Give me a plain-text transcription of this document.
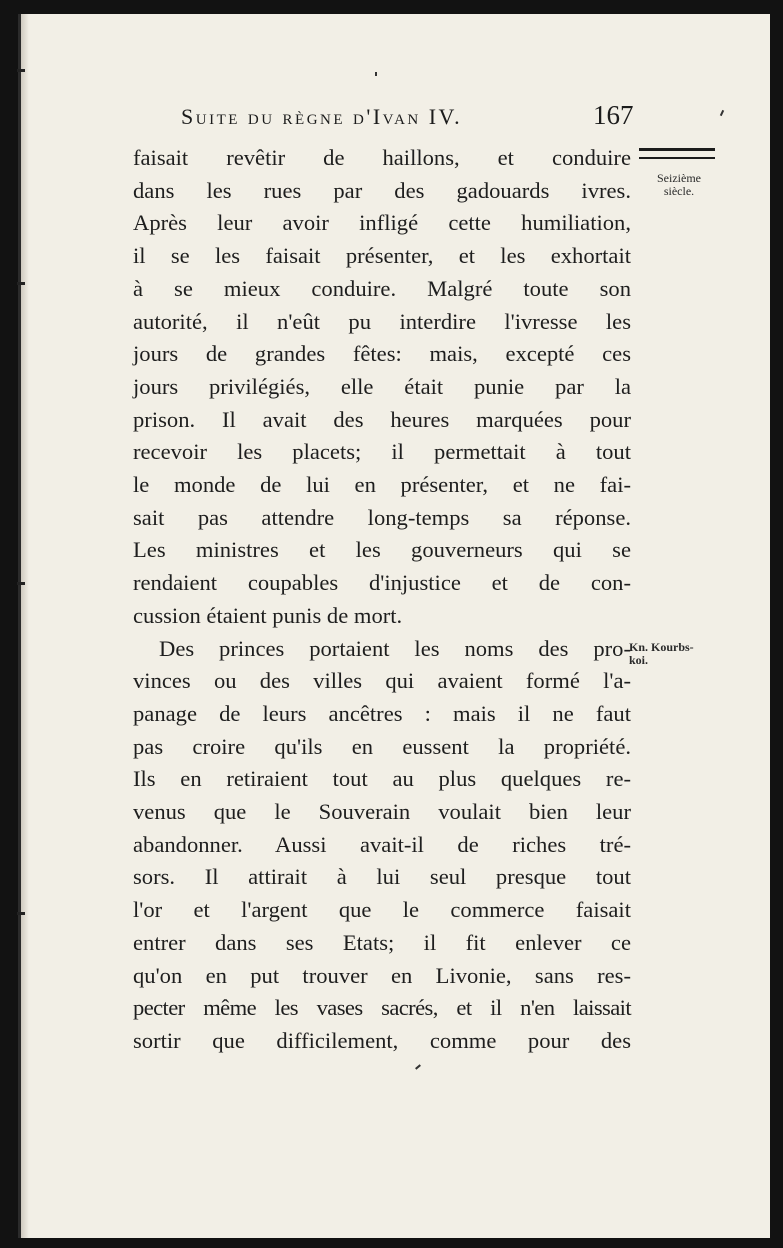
Suite du règne d'Ivan IV.	167
Seizième
siècle.
Kn. Kourbs-
koi.
faisait revêtir de haillons, et conduire
dans les rues par des gadouards ivres.
Après leur avoir infligé cette humiliation,
il se les faisait présenter, et les exhortait
à se mieux conduire. Malgré toute son
autorité, il n'eût pu interdire l'ivresse les
jours de grandes fêtes: mais, excepté ces
jours privilégiés, elle était punie par la
prison. Il avait des heures marquées pour
recevoir les placets; il permettait à tout
le monde de lui en présenter, et ne fai-
sait pas attendre long-temps sa réponse.
Les ministres et les gouverneurs qui se
rendaient coupables d'injustice et de con-
cussion étaient punis de mort.
Des princes portaient les noms des pro-
vinces ou des villes qui avaient formé l'a-
panage de leurs ancêtres : mais il ne faut
pas croire qu'ils en eussent la propriété.
Ils en retiraient tout au plus quelques re-
venus que le Souverain voulait bien leur
abandonner. Aussi avait-il de riches tré-
sors. Il attirait à lui seul presque tout
l'or et l'argent que le commerce faisait
entrer dans ses Etats; il fit enlever ce
qu'on en put trouver en Livonie, sans res-
pecter même les vases sacrés, et il n'en laissait
sortir que difficilement, comme pour des
